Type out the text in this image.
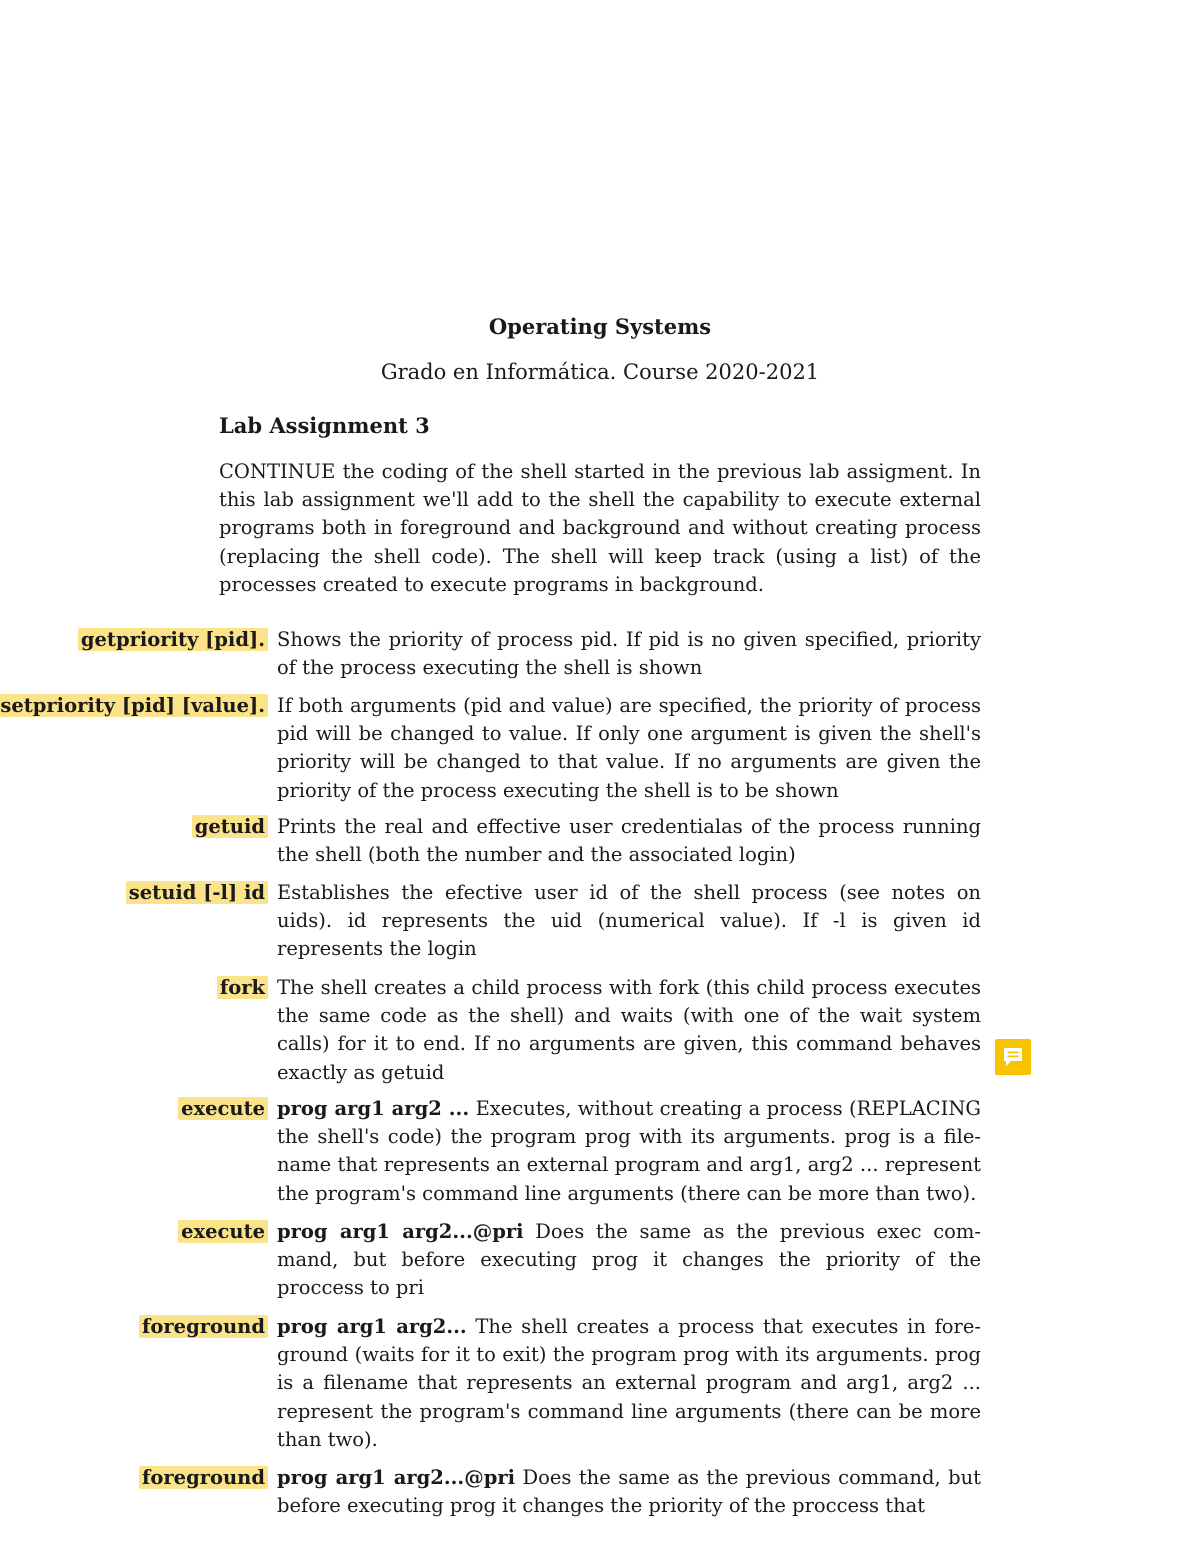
Operating Systems
Grado en Informática. Course 2020-2021
Lab Assignment 3
CONTINUE the coding of the shell started in the previous lab assigment. In this lab assignment we'll add to the shell the capability to execute external programs both in foreground and background and without creating process (replacing the shell code). The shell will keep track (using a list) of the processes created to execute programs in background.
getpriority [pid]. Shows the priority of process pid. If pid is no given specified, priority of the process executing the shell is shown
setpriority [pid] [value]. If both arguments (pid and value) are specified, the priority of process pid will be changed to value. If only one argument is given the shell's priority will be changed to that value. If no arguments are given the priority of the process executing the shell is to be shown
getuid Prints the real and effective user credentialas of the process running the shell (both the number and the associated login)
setuid [-l] id Establishes the efective user id of the shell process (see notes on uids). id represents the uid (numerical value). If -l is given id represents the login
fork The shell creates a child process with fork (this child process executes the same code as the shell) and waits (with one of the wait system calls) for it to end. If no arguments are given, this command behaves exactly as getuid
execute prog arg1 arg2 ... Executes, without creating a process (REPLACING the shell's code) the program prog with its arguments. prog is a file-name that represents an external program and arg1, arg2 ... represent the program's command line arguments (there can be more than two).
execute prog arg1 arg2...@pri Does the same as the previous exec com-mand, but before executing prog it changes the priority of the proccess to pri
foreground prog arg1 arg2... The shell creates a process that executes in fore-ground (waits for it to exit) the program prog with its arguments. prog is a filename that represents an external program and arg1, arg2 ... represent the program's command line arguments (there can be more than two).
foreground prog arg1 arg2...@pri Does the same as the previous command, but before executing prog it changes the priority of the proccess that
